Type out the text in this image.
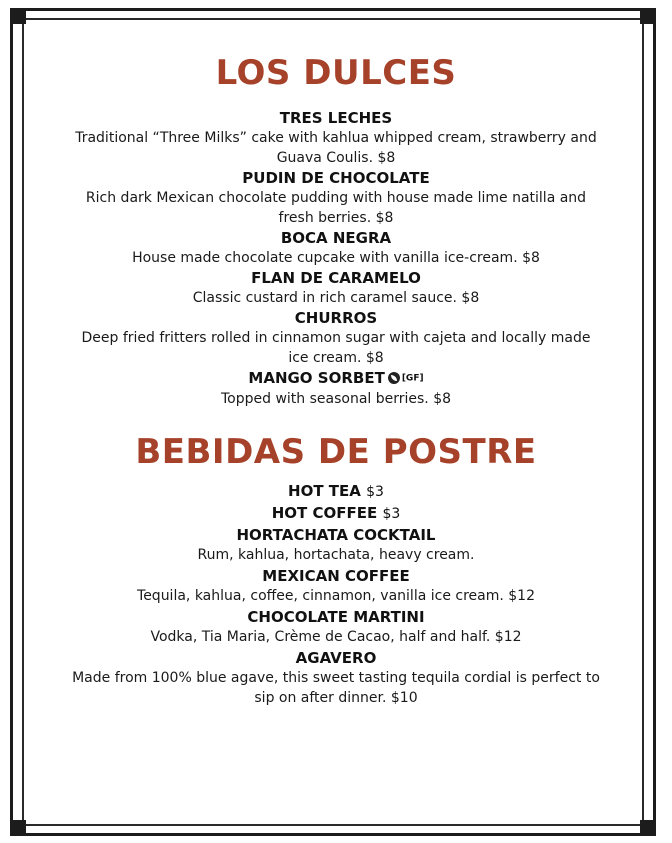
LOS DULCES

TRES LECHES

Traditional “Three Milks” cake with kahlua whipped cream, strawberry and Guava Coulis. $8

PUDIN DE CHOCOLATE

Rich dark Mexican chocolate pudding with house made lime natilla and fresh berries. $8

BOCA NEGRA

House made chocolate cupcake with vanilla ice-cream. $8

FLAN DE CARAMELO

Classic custard in rich caramel sauce. $8

CHURROS

Deep fried fritters rolled in cinnamon sugar with cajeta and locally made ice cream. $8

MANGO SORBET [GF]

Topped with seasonal berries. $8

BEBIDAS DE POSTRE

HOT TEA $3

HOT COFFEE $3

HORTACHATA COCKTAIL

Rum, kahlua, hortachata, heavy cream.

MEXICAN COFFEE

Tequila, kahlua, coffee, cinnamon, vanilla ice cream. $12

CHOCOLATE MARTINI

Vodka, Tia Maria, Crème de Cacao, half and half. $12

AGAVERO

Made from 100% blue agave, this sweet tasting tequila cordial is perfect to sip on after dinner. $10
